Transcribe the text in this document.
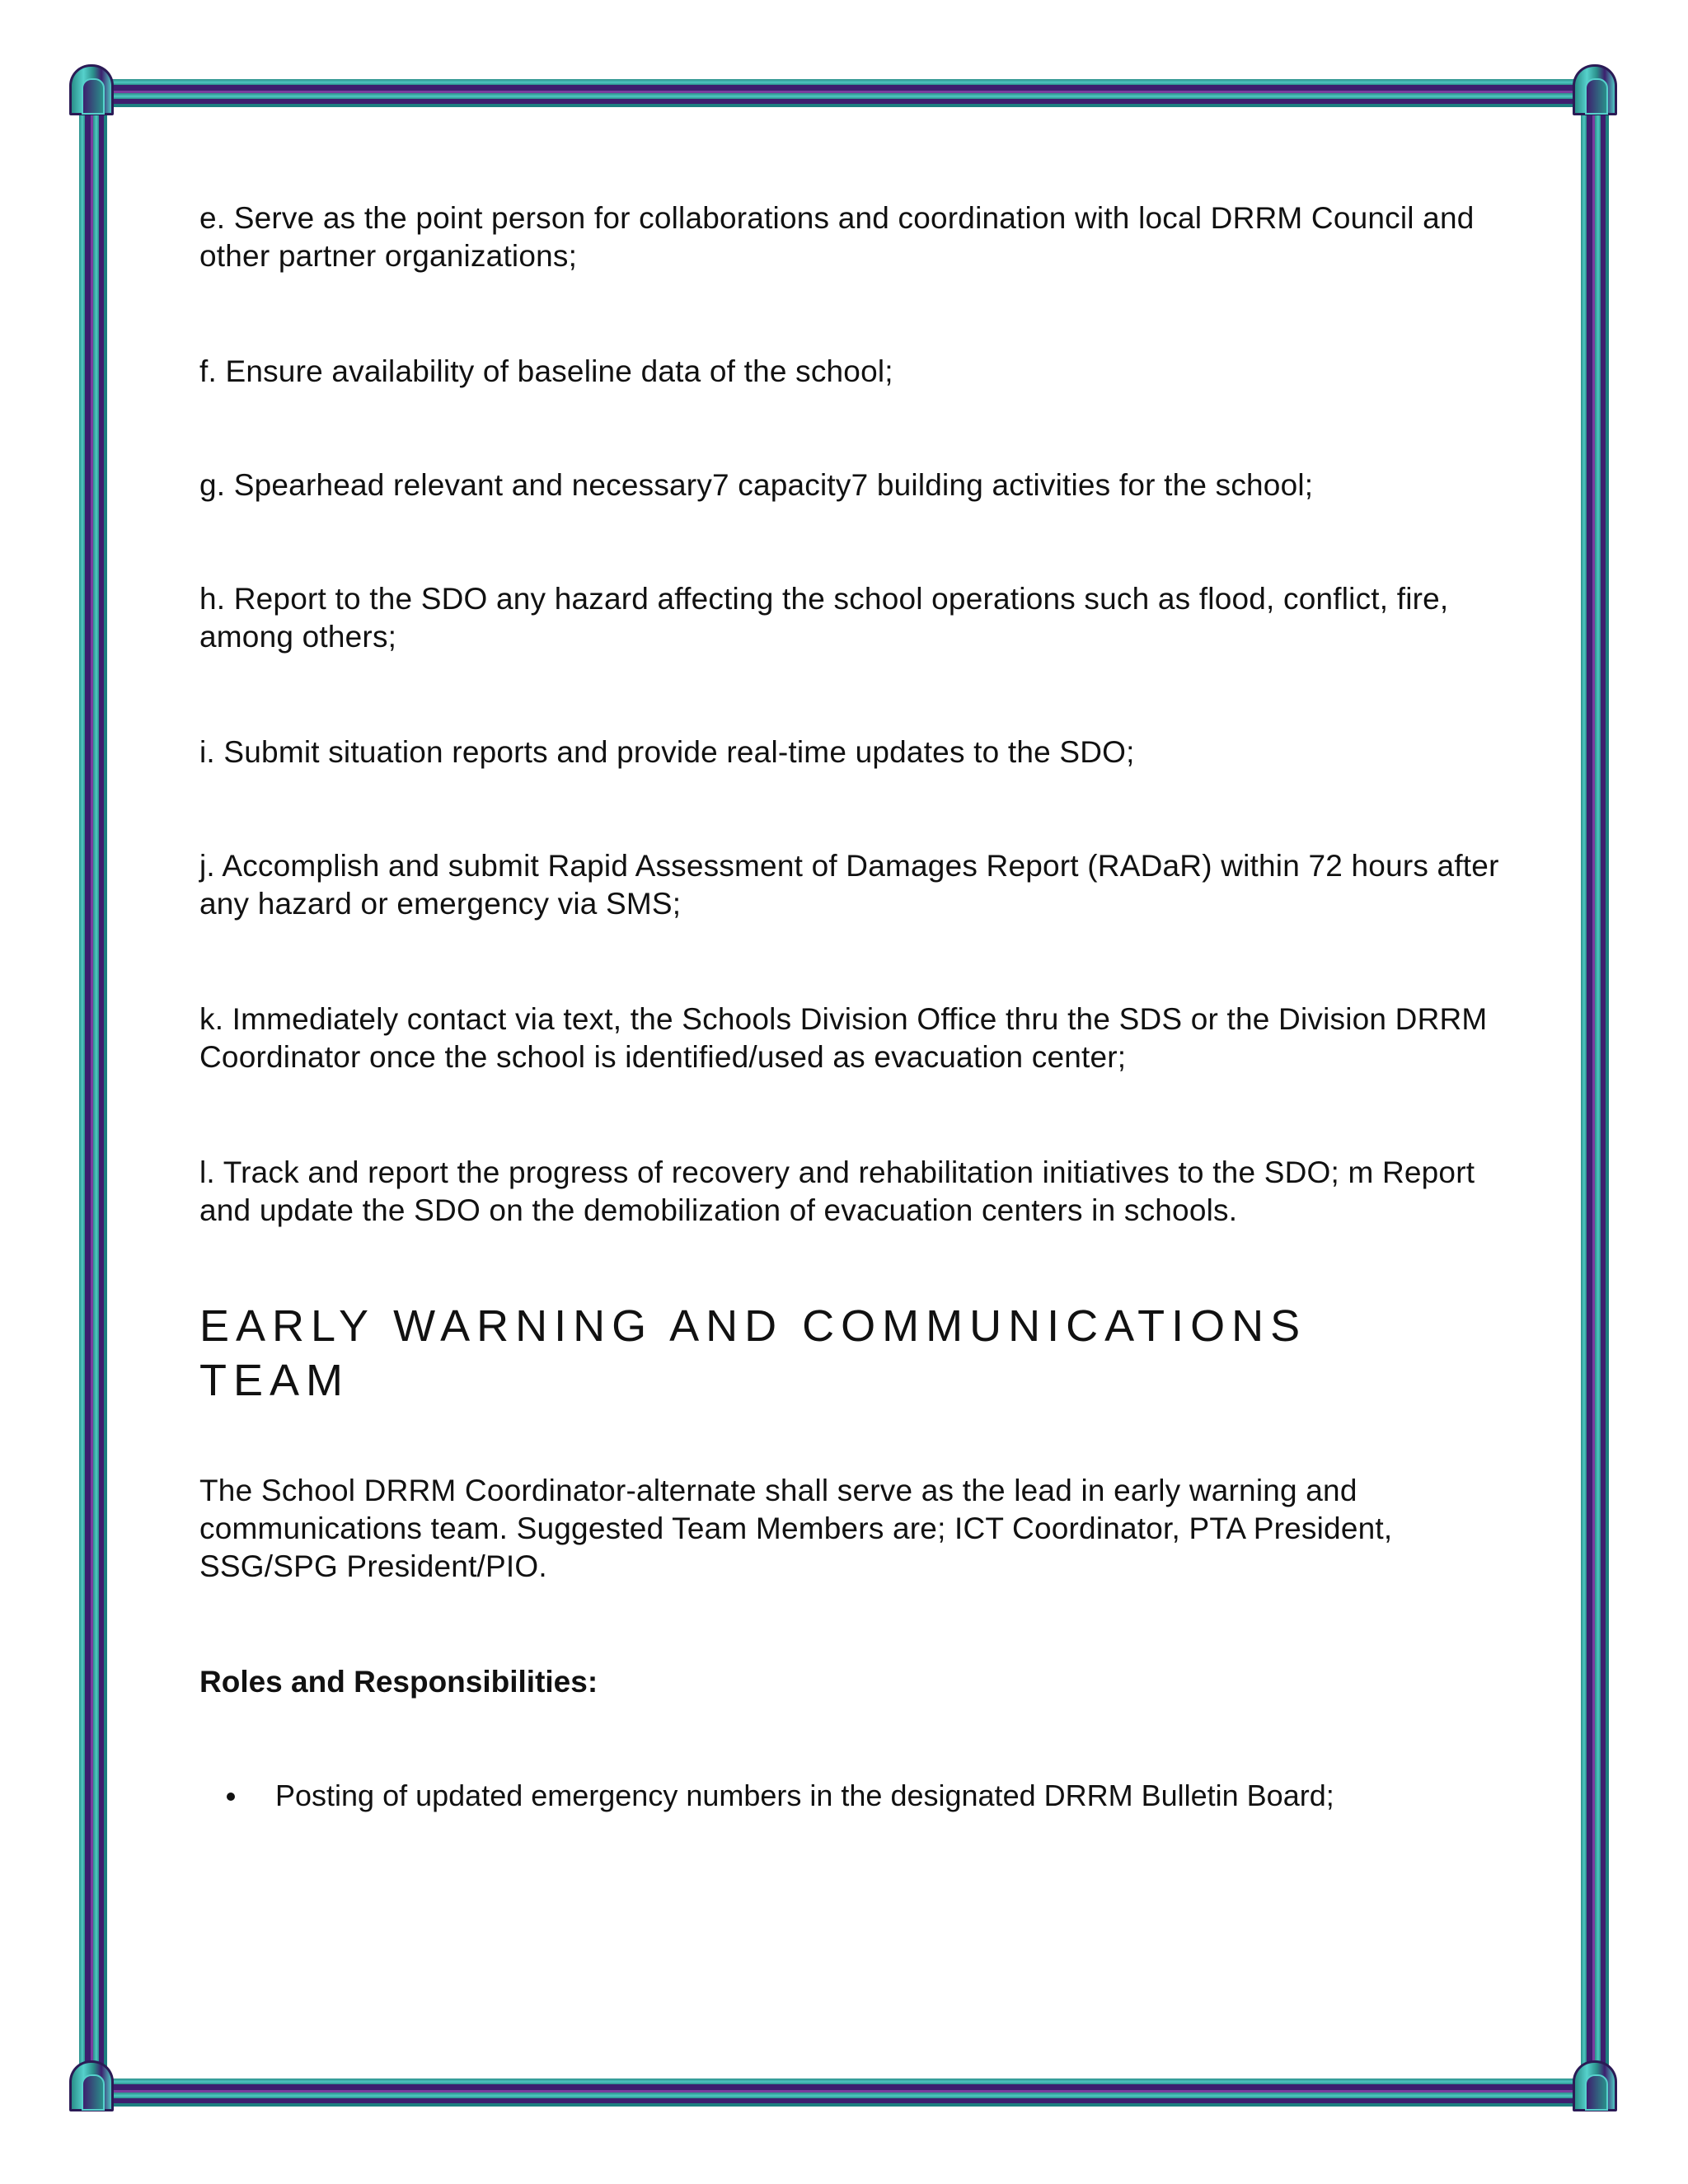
e. Serve as the point person for collaborations and coordination with local DRRM Council and other partner organizations;

f. Ensure availability of baseline data of the school;

g. Spearhead relevant and necessary7 capacity7 building activities for the school;

h. Report to the SDO any hazard affecting the school operations such as flood, conflict, fire, among others;

i. Submit situation reports and provide real-time updates to the SDO;

j. Accomplish and submit Rapid Assessment of Damages Report (RADaR) within 72 hours after any hazard or emergency via SMS;

k. Immediately contact via text, the Schools Division Office thru the SDS or the Division DRRM Coordinator once the school is identified/used as evacuation center;

l. Track and report the progress of recovery and rehabilitation initiatives to the SDO; m Report and update the SDO on the demobilization of evacuation centers in schools.

EARLY WARNING AND COMMUNICATIONS TEAM

The School DRRM Coordinator-alternate shall serve as the lead in early warning and communications team. Suggested Team Members are; ICT Coordinator, PTA President, SSG/SPG President/PIO.

Roles and Responsibilities:
Posting of updated emergency numbers in the designated DRRM Bulletin Board;
